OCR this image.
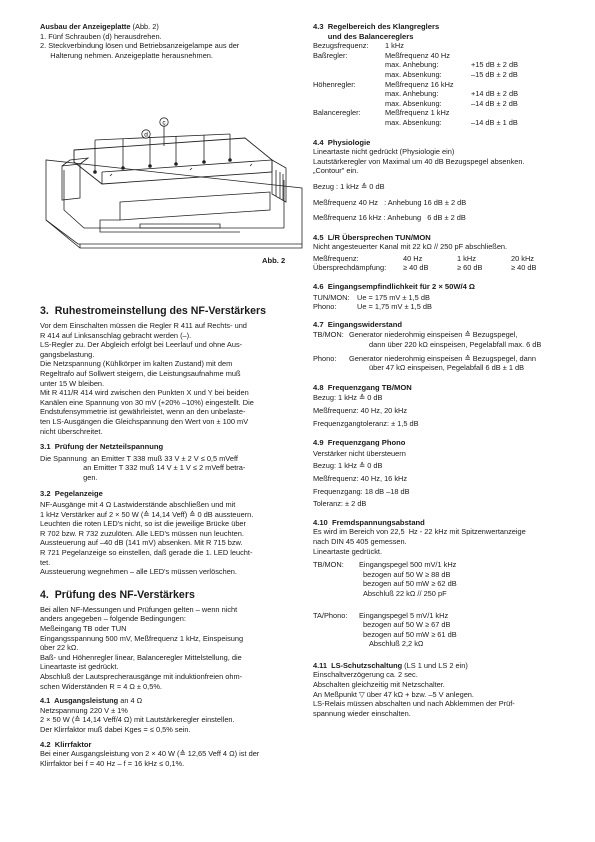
Ausbau der Anzeigeplatte (Abb. 2)

1. Fünf Schrauben (d) herausdrehen.

2. Steckverbindung lösen und Betriebsanzeigelampe aus der

Halterung nehmen. Anzeigeplatte herausnehmen.

c
d
Abb. 2

3.  Ruhestromeinstellung des NF-Verstärkers

Vor dem Einschalten müssen die Regler R 411 auf Rechts- und

R 414 auf Linksanschlag gebracht werden (–).

LS-Regler zu. Der Abgleich erfolgt bei Leerlauf und ohne Aus-

gangsbelastung.

Die Netzspannung (Kühlkörper im kalten Zustand) mit dem

Regeltrafo auf Sollwert steigern, die Leistungsaufnahme muß

unter 15 W bleiben.

Mit R 411/R 414 wird zwischen den Punkten X und Y bei beiden

Kanälen eine Spannung von 30 mV (+20% –10%) eingestellt. Die

Endstufensymmetrie ist gewährleistet, wenn an den unbelaste-

ten LS-Ausgängen die Gleichspannung den Wert von ± 100 mV

nicht überschreitet.

3.1  Prüfung der Netzteilspannung

Die Spannung  an Emitter T 338 muß 33 V ± 2 V ≤ 0,5 mVeff

an Emitter T 332 muß 14 V ± 1 V ≤ 2 mVeff betra-

gen.

3.2  Pegelanzeige

NF-Ausgänge mit 4 Ω Lastwiderstände abschließen und mit

1 kHz Verstärker auf 2 × 50 W (≙ 14,14 Veff) ≙ 0 dB aussteuern.

Leuchten die roten LED's nicht, so ist die jeweilige Brücke über

R 702 bzw. R 732 zuzulöten. Alle LED's müssen nun leuchten.

Aussteuerung auf –40 dB (141 mV) absenken. Mit R 715 bzw.

R 721 Pegelanzeige so einstellen, daß gerade die 1. LED leucht-

tet.

Aussteuerung wegnehmen – alle LED's müssen verlöschen.

4.  Prüfung des NF-Verstärkers

Bei allen NF-Messungen und Prüfungen gelten – wenn nicht

anders angegeben – folgende Bedingungen:

Meßeingang TB oder TUN

Eingangsspannung 500 mV, Meßfrequenz 1 kHz, Einspeisung

über 22 kΩ.

Baß- und Höhenregler linear, Balanceregler Mittelstellung, die

Lineartaste ist gedrückt.

Abschluß der Lautsprecherausgänge mit induktionfreien ohm-

schen Widerständen R = 4 Ω ± 0,5%.

4.1  Ausgangsleistung an 4 Ω

Netzspannung 220 V ± 1%

2 × 50 W (≙ 14,14 Veff/4 Ω) mit Lautstärkeregler einstellen.

Der Klirrfaktor muß dabei Kges = ≤ 0,5% sein.

4.2  Klirrfaktor

Bei einer Ausgangsleistung von 2 × 40 W (≙ 12,65 Veff 4 Ω) ist der

Klirrfaktor bei f = 40 Hz – f = 16 kHz ≤ 0,1%.

4.3  Regelbereich des Klangreglers

und des Balancereglers

Bezugsfrequenz:	1 kHz
Baßregler:	Meßfrequenz 40 Hz
max. Anhebung:	+15 dB ± 2 dB
max. Absenkung:	–15 dB ± 2 dB
Höhenregler:	Meßfrequenz 16 kHz
max. Anhebung:	+14 dB ± 2 dB
max. Absenkung:	–14 dB ± 2 dB
Balanceregler:	Meßfrequenz 1 kHz
max. Absenkung:	–14 dB ± 1 dB

4.4  Physiologie

Lineartaste nicht gedrückt (Physiologie ein)

Lautstärkeregler von Maximal um 40 dB Bezugspegel absenken.

„Contour" ein.

Bezug : 1 kHz ≙ 0 dB

Meßfrequenz 40 Hz   : Anhebung 16 dB ± 2 dB

Meßfrequenz 16 kHz : Anhebung   6 dB ± 2 dB

4.5  L/R Übersprechen TUN/MON

Nicht angesteuerter Kanal mit 22 kΩ // 250 pF abschließen.

Meßfrequenz:	40 Hz	1 kHz	20 kHz
Übersprechdämpfung:	≥ 40 dB	≥ 60 dB	≥ 40 dB

4.6  Eingangsempfindlichkeit für 2 × 50W/4 Ω

TUN/MON:	Ue = 175 mV ± 1,5 dB
Phono:	Ue = 1,75 mV ± 1,5 dB

4.7  Eingangswiderstand

TB/MON: Generator niederohmig einspeisen ≙ Bezugspegel,
dann über 220 kΩ einspeisen, Pegelabfall max. 6 dB
Phono:	Generator niederohmig einspeisen ≙ Bezugspegel, dann
über 47 kΩ einspeisen, Pegelabfall 6 dB ± 1 dB

4.8  Frequenzgang TB/MON

Bezug: 1 kHz ≙ 0 dB

Meßfrequenz: 40 Hz, 20 kHz

Frequenzgangtoleranz: ± 1,5 dB

4.9  Frequenzgang Phono

Verstärker nicht übersteuern

Bezug: 1 kHz ≙ 0 dB

Meßfrequenz: 40 Hz, 16 kHz

Frequenzgang: 18 dB –18 dB

Toleranz: ± 2 dB

4.10  Fremdspannungsabstand

Es wird im Bereich von 22,5  Hz - 22 kHz mit Spitzenwertanzeige

nach DIN 45 405 gemessen.

Lineartaste gedrückt.

TB/MON:	Eingangspegel 500 mV/1 kHz
bezogen auf 50 W ≥ 88 dB
bezogen auf 50 mW ≥ 62 dB
Abschluß 22 kΩ // 250 pF
TA/Phono:	Eingangspegel 5 mV/1 kHz
bezogen auf 50 W ≥ 67 dB
bezogen auf 50 mW ≥ 61 dB
Abschluß 2,2 kΩ

4.11  LS-Schutzschaltung (LS 1 und LS 2 ein)

Einschaltverzögerung ca. 2 sec.

Abschalten gleichzeitig mit Netzschalter.

An Meßpunkt ▽ über 47 kΩ + bzw. –5 V anlegen.

LS-Relais müssen abschalten und nach Abklemmen der Prüf-

spannung wieder einschalten.
